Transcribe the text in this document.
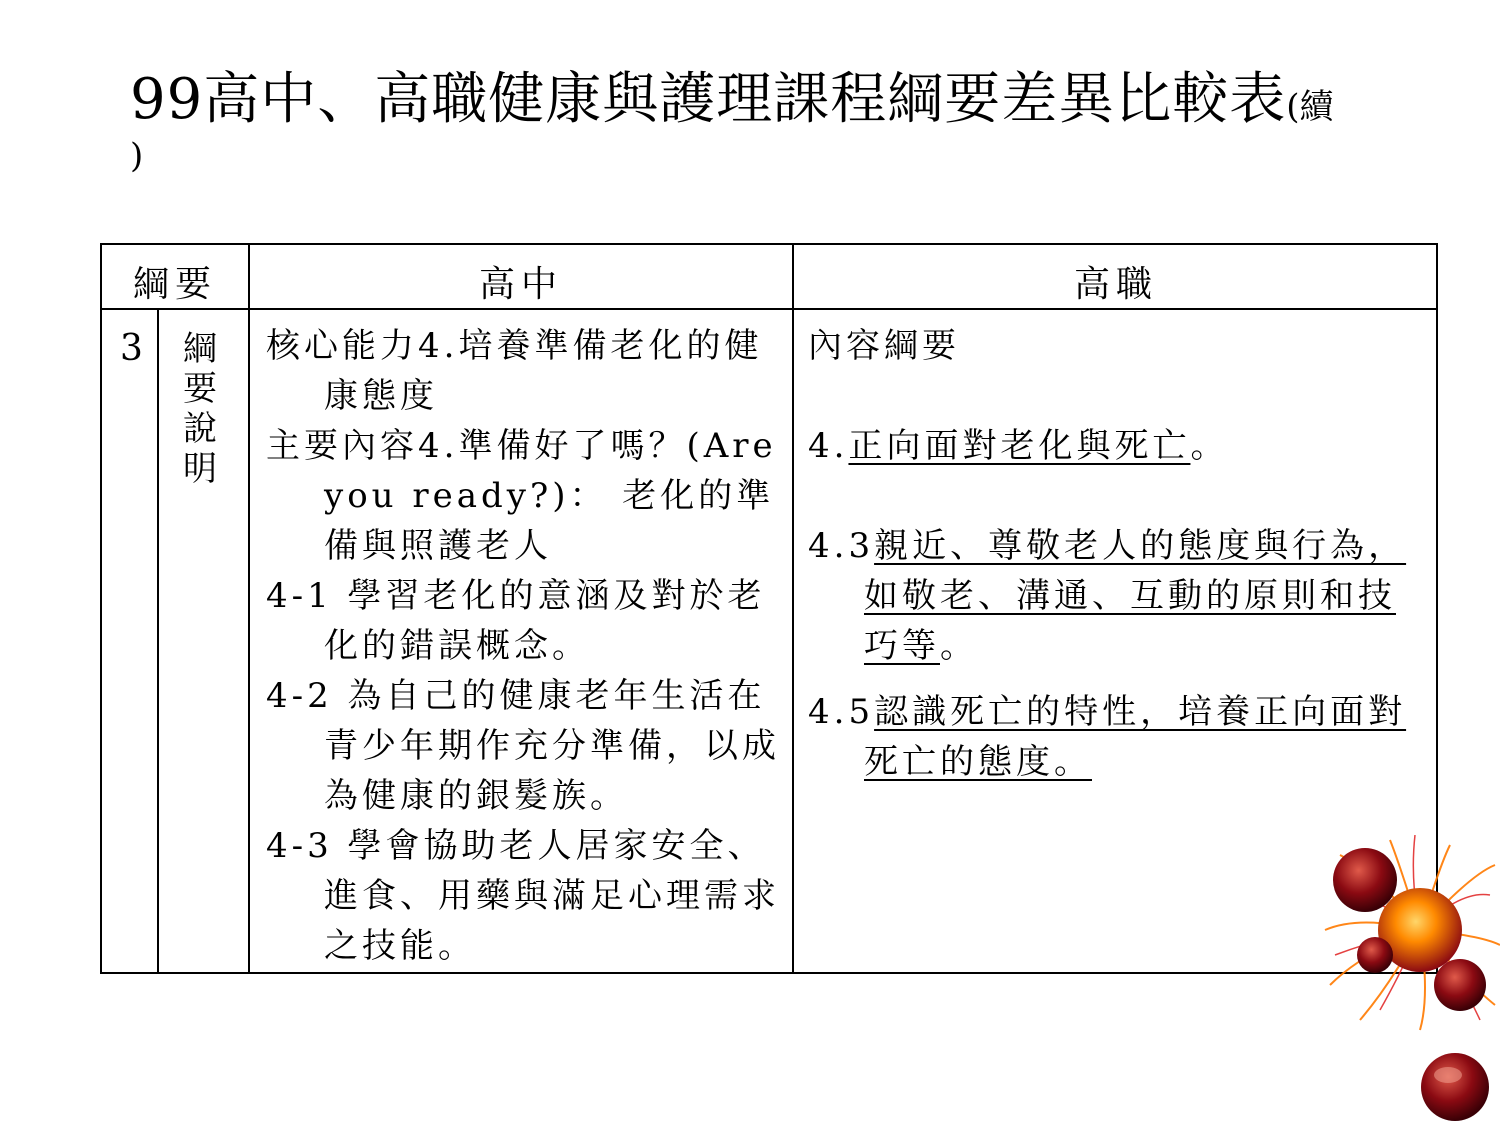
99高中、高職健康與護理課程綱要差異比較表(續
)
綱要	高中	高職
3 綱
要
說
明

核心能力4.培養準備老化的健康態度

主要內容4.準備好了嗎？(Are you ready?)： 老化的準備與照護老人

4-1 學習老化的意涵及對於老化的錯誤概念。

4-2 為自己的健康老年生活在青少年期作充分準備，以成為健康的銀髮族。

4-3 學會協助老人居家安全、進食、用藥與滿足心理需求之技能。

內容綱要

4.正向面對老化與死亡。

4.3親近、尊敬老人的態度與行為，如敬老、溝通、互動的原則和技巧等。

4.5認識死亡的特性，培養正向面對死亡的態度。
